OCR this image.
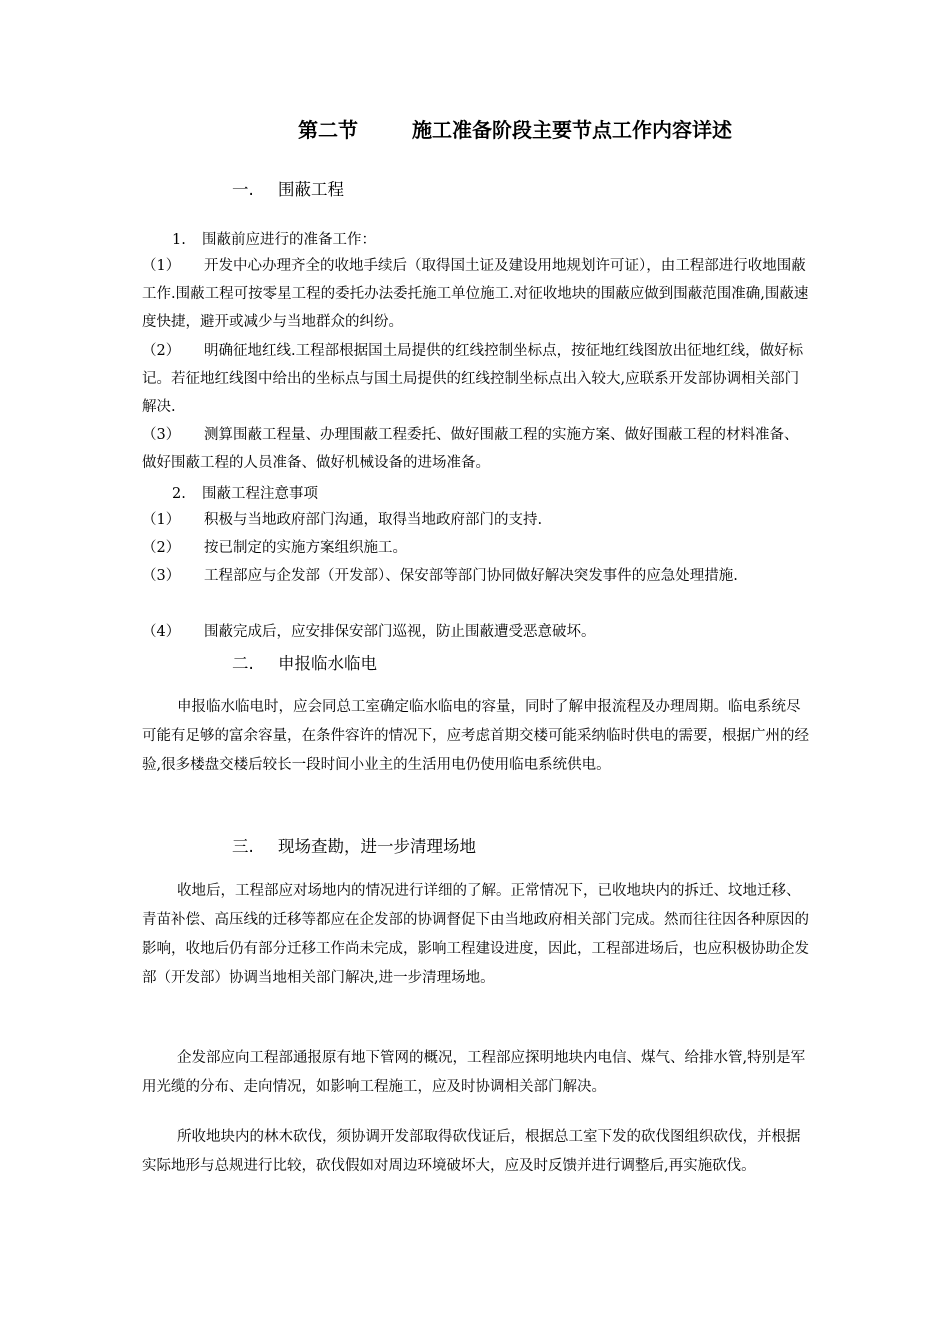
第二节	施工准备阶段主要节点工作内容详述
一. 围蔽工程
1. 围蔽前应进行的准备工作：
（1） 开发中心办理齐全的收地手续后（取得国土证及建设用地规划许可证），由工程部进行收地围蔽工作.围蔽工程可按零星工程的委托办法委托施工单位施工.对征收地块的围蔽应做到围蔽范围准确,围蔽速度快捷，避开或减少与当地群众的纠纷。
（2） 明确征地红线.工程部根据国土局提供的红线控制坐标点，按征地红线图放出征地红线，做好标记。若征地红线图中给出的坐标点与国土局提供的红线控制坐标点出入较大,应联系开发部协调相关部门解决.
（3） 测算围蔽工程量、办理围蔽工程委托、做好围蔽工程的实施方案、做好围蔽工程的材料准备、做好围蔽工程的人员准备、做好机械设备的进场准备。
2. 围蔽工程注意事项
（1） 积极与当地政府部门沟通，取得当地政府部门的支持.
（2） 按已制定的实施方案组织施工。
（3） 工程部应与企发部（开发部）、保安部等部门协同做好解决突发事件的应急处理措施.
（4） 围蔽完成后，应安排保安部门巡视，防止围蔽遭受恶意破坏。
二. 申报临水临电
申报临水临电时，应会同总工室确定临水临电的容量，同时了解申报流程及办理周期。临电系统尽可能有足够的富余容量，在条件容许的情况下，应考虑首期交楼可能采纳临时供电的需要，根据广州的经验,很多楼盘交楼后较长一段时间小业主的生活用电仍使用临电系统供电。
三. 现场查勘，进一步清理场地
收地后，工程部应对场地内的情况进行详细的了解。正常情况下，已收地块内的拆迁、坟地迁移、青苗补偿、高压线的迁移等都应在企发部的协调督促下由当地政府相关部门完成。然而往往因各种原因的影响，收地后仍有部分迁移工作尚未完成，影响工程建设进度，因此，工程部进场后，也应积极协助企发部（开发部）协调当地相关部门解决,进一步清理场地。
企发部应向工程部通报原有地下管网的概况，工程部应探明地块内电信、煤气、给排水管,特别是军用光缆的分布、走向情况，如影响工程施工，应及时协调相关部门解决。
所收地块内的林木砍伐，须协调开发部取得砍伐证后，根据总工室下发的砍伐图组织砍伐，并根据实际地形与总规进行比较，砍伐假如对周边环境破坏大，应及时反馈并进行调整后,再实施砍伐。
